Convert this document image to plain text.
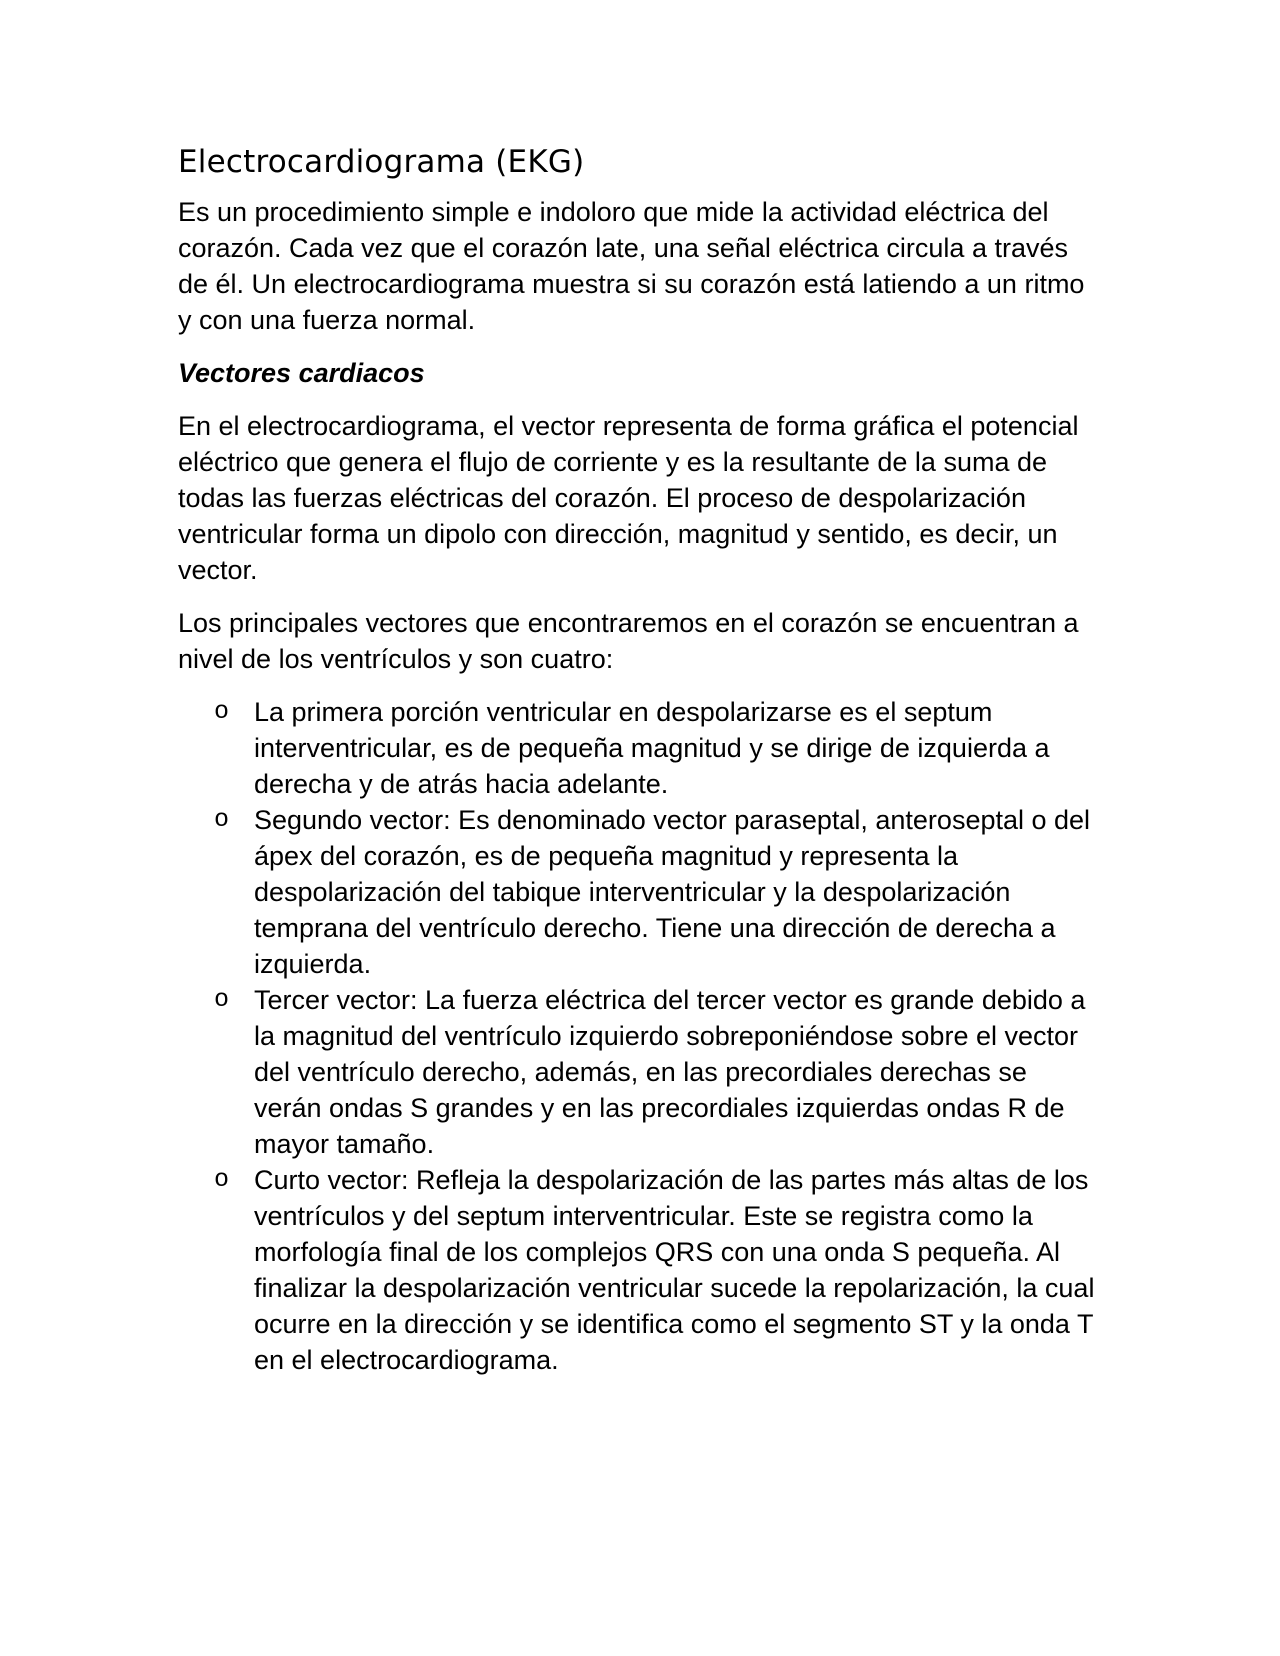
Electrocardiograma (EKG)

Es un procedimiento simple e indoloro que mide la actividad eléctrica del corazón. Cada vez que el corazón late, una señal eléctrica circula a través de él. Un electrocardiograma muestra si su corazón está latiendo a un ritmo y con una fuerza normal.

Vectores cardiacos

En el electrocardiograma, el vector representa de forma gráfica el potencial eléctrico que genera el flujo de corriente y es la resultante de la suma de todas las fuerzas eléctricas del corazón. El proceso de despolarización ventricular forma un dipolo con dirección, magnitud y sentido, es decir, un vector.

Los principales vectores que encontraremos en el corazón se encuentran a nivel de los ventrículos y son cuatro:

o La primera porción ventricular en despolarizarse es el septum interventricular, es de pequeña magnitud y se dirige de izquierda a derecha y de atrás hacia adelante.
o Segundo vector: Es denominado vector paraseptal, anteroseptal o del ápex del corazón, es de pequeña magnitud y representa la despolarización del tabique interventricular y la despolarización temprana del ventrículo derecho. Tiene una dirección de derecha a izquierda.
o Tercer vector: La fuerza eléctrica del tercer vector es grande debido a la magnitud del ventrículo izquierdo sobreponiéndose sobre el vector del ventrículo derecho, además, en las precordiales derechas se verán ondas S grandes y en las precordiales izquierdas ondas R de mayor tamaño.
o Curto vector: Refleja la despolarización de las partes más altas de los ventrículos y del septum interventricular. Este se registra como la morfología final de los complejos QRS con una onda S pequeña. Al finalizar la despolarización ventricular sucede la repolarización, la cual ocurre en la dirección y se identifica como el segmento ST y la onda T en el electrocardiograma.
